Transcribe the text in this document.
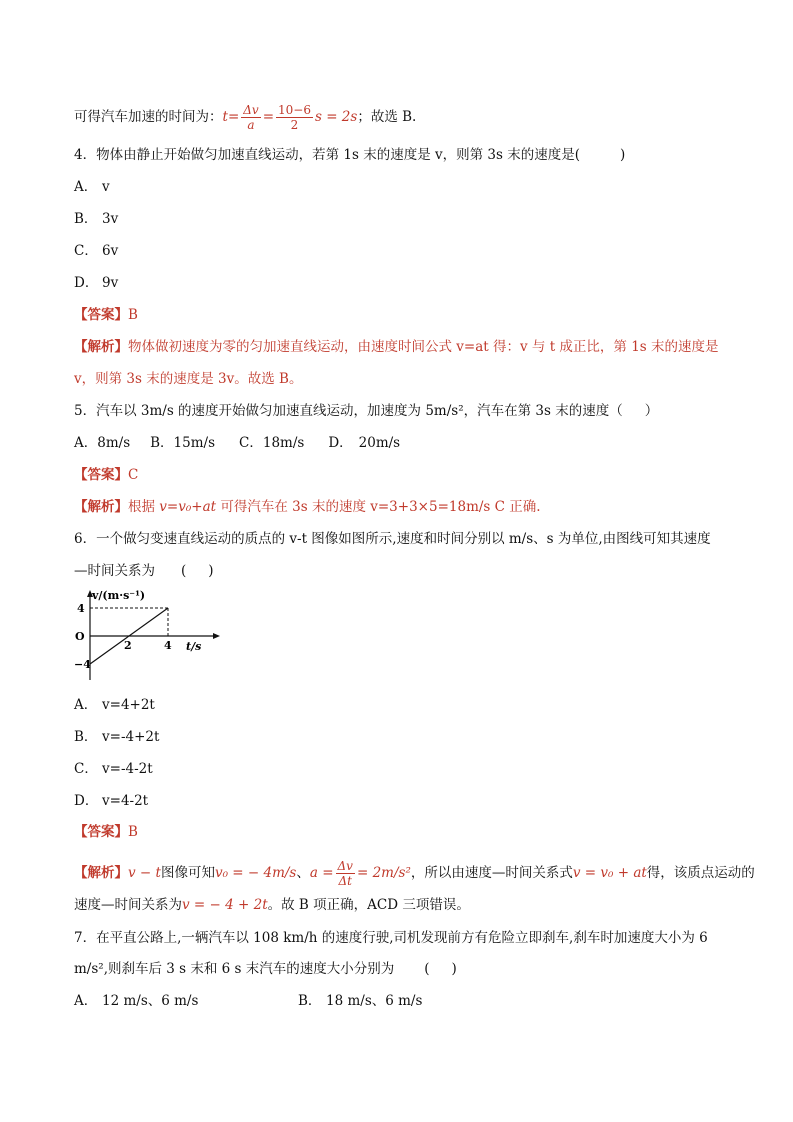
可得汽车加速的时间为：$t= \frac{\Delta v}{a} = \frac{10-6}{2}$ s = 2s；故选 B.
4．物体由静止开始做匀加速直线运动，若第 1s 末的速度是 v，则第 3s 末的速度是(	)
A． v
B． 3v
C． 6v
D． 9v
【答案】B
【解析】物体做初速度为零的匀加速直线运动，由速度时间公式 v=at 得：v 与 t 成正比，第 1s 末的速度是
v，则第 3s 末的速度是 3v。故选 B。
5．汽车以 3m/s 的速度开始做匀加速直线运动，加速度为 5m/s²，汽车在第 3s 末的速度（ ）
A．8m/s B．15m/s C．18m/s D． 20m/s
【答案】C
【解析】根据 v=v₀+at 可得汽车在 3s 末的速度 v=3+3×5=18m/s C 正确.
6．一个做匀变速直线运动的质点的 v-t 图像如图所示,速度和时间分别以 m/s、s 为单位,由图线可知其速度
—时间关系为 ( )
v/(m·s⁻¹)
4
O
−4
2	4 t/s
A． v=4+2t
B． v=-4+2t
C． v=-4-2t
D． v=4-2t
【答案】B
【解析】v − t图像可知v₀ = − 4m/s、$a = \frac{\Delta v}{\Delta t} = 2m/s^2$，所以由速度—时间关系式v = v₀ + at得，该质点运动的
速度—时间关系为v = − 4 + 2t。故 B 项正确，ACD 三项错误。
7．在平直公路上,一辆汽车以 108 km/h 的速度行驶,司机发现前方有危险立即刹车,刹车时加速度大小为 6
m/s²,则刹车后 3 s 末和 6 s 末汽车的速度大小分别为 ( )
A． 12 m/s、6 m/s	B． 18 m/s、6 m/s
